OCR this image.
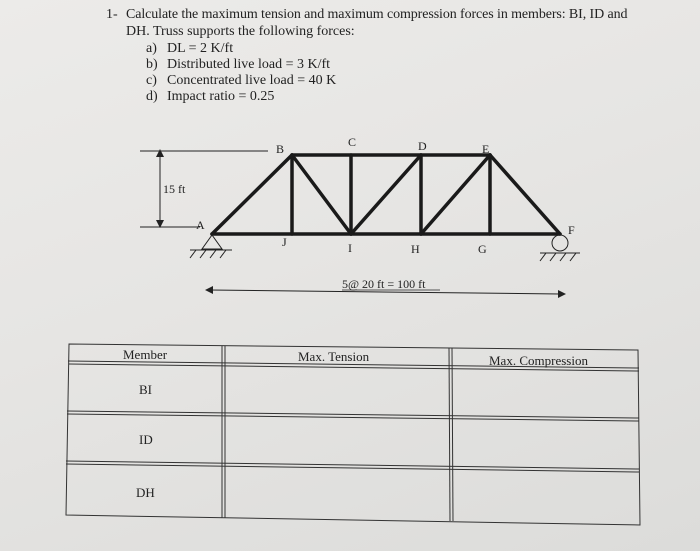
1- Calculate the maximum tension and maximum compression forces in members: BI, ID and
DH. Truss supports the following forces:
a) DL = 2 K/ft
b) Distributed live load = 3 K/ft
c) Concentrated live load = 40 K
d) Impact ratio = 0.25
15 ft
A
B	C	D	E
F
J	I	H	G
5@ 20 ft = 100 ft
Member	Max. Tension	Max. Compression
BI
ID
DH
